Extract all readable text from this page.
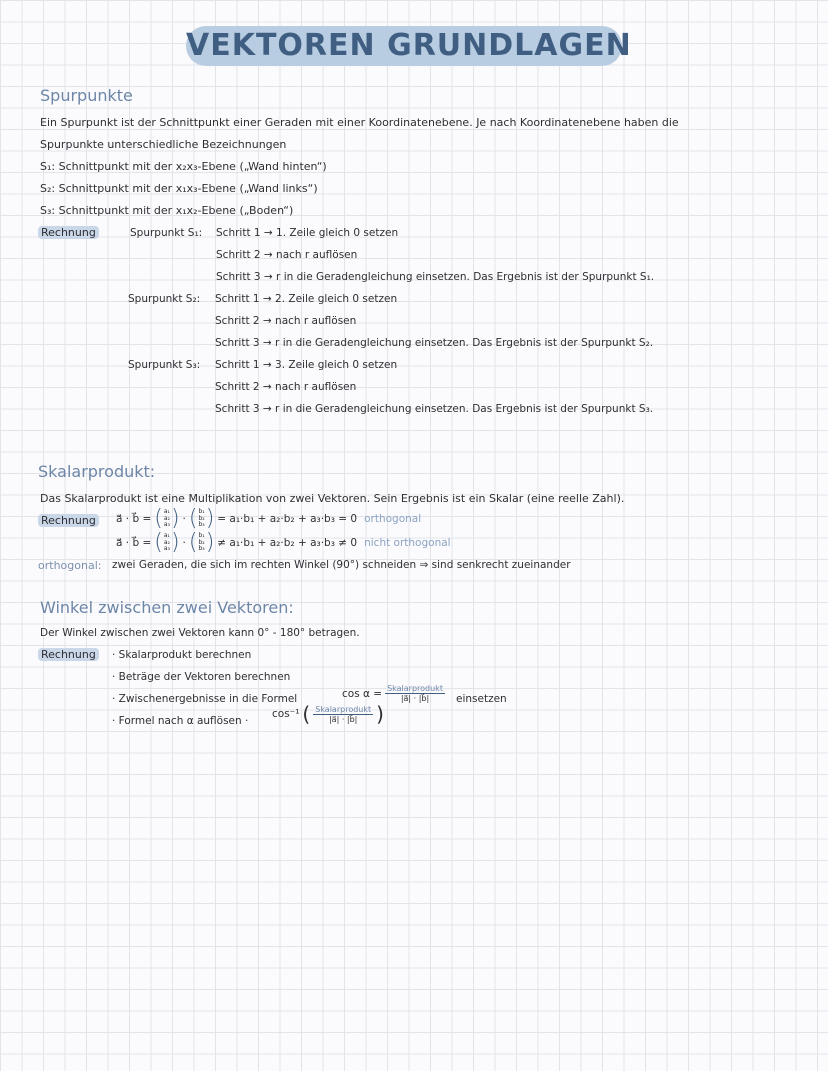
VEKTOREN GRUNDLAGEN
Spurpunkte
Ein Spurpunkt ist der Schnittpunkt einer Geraden mit einer Koordinatenebene. Je nach Koordinatenebene haben die
Spurpunkte unterschiedliche Bezeichnungen
S₁: Schnittpunkt mit der x₂x₃-Ebene („Wand hinten“)
S₂: Schnittpunkt mit der x₁x₃-Ebene („Wand links“)
S₃: Schnittpunkt mit der x₁x₂-Ebene („Boden“)
Rechnung	Spurpunkt S₁: Schritt 1 → 1. Zeile gleich 0 setzen
Schritt 2 → nach r auflösen
Schritt 3 → r in die Geradengleichung einsetzen. Das Ergebnis ist der Spurpunkt S₁.
Spurpunkt S₂: Schritt 1 → 2. Zeile gleich 0 setzen
Schritt 2 → nach r auflösen
Schritt 3 → r in die Geradengleichung einsetzen. Das Ergebnis ist der Spurpunkt S₂.
Spurpunkt S₃: Schritt 1 → 3. Zeile gleich 0 setzen
Schritt 2 → nach r auflösen
Schritt 3 → r in die Geradengleichung einsetzen. Das Ergebnis ist der Spurpunkt S₃.
Skalarprodukt:
Das Skalarprodukt ist eine Multiplikation von zwei Vektoren. Sein Ergebnis ist ein Skalar (eine reelle Zahl).
Rechnung a⃗ · b⃗ = ( a₁
a₂
a₃ ) · ( b₁
b₂
b₃ ) = a₁·b₁ + a₂·b₂ + a₃·b₃ = 0 orthogonal
a⃗ · b⃗ = ( a₁
a₂
a₃ ) · ( b₁
b₂
b₃ ) ≠ a₁·b₁ + a₂·b₂ + a₃·b₃ ≠ 0 nicht orthogonal
orthogonal: zwei Geraden, die sich im rechten Winkel (90°) schneiden ⇒ sind senkrecht zueinander
Winkel zwischen zwei Vektoren:
Der Winkel zwischen zwei Vektoren kann 0° - 180° betragen.
Rechnung · Skalarprodukt berechnen
· Beträge der Vektoren berechnen
· Zwischenergebnisse in die Formel	$\cos \alpha = \frac{\text{Skalarprodukt}}{|a⃗| \cdot |b⃗|}$ einsetzen
· Formel nach α auflösen ·
cos⁻¹ ( $\frac{\text{Skalarprodukt}}{|a⃗| \cdot |b⃗|}$ )
